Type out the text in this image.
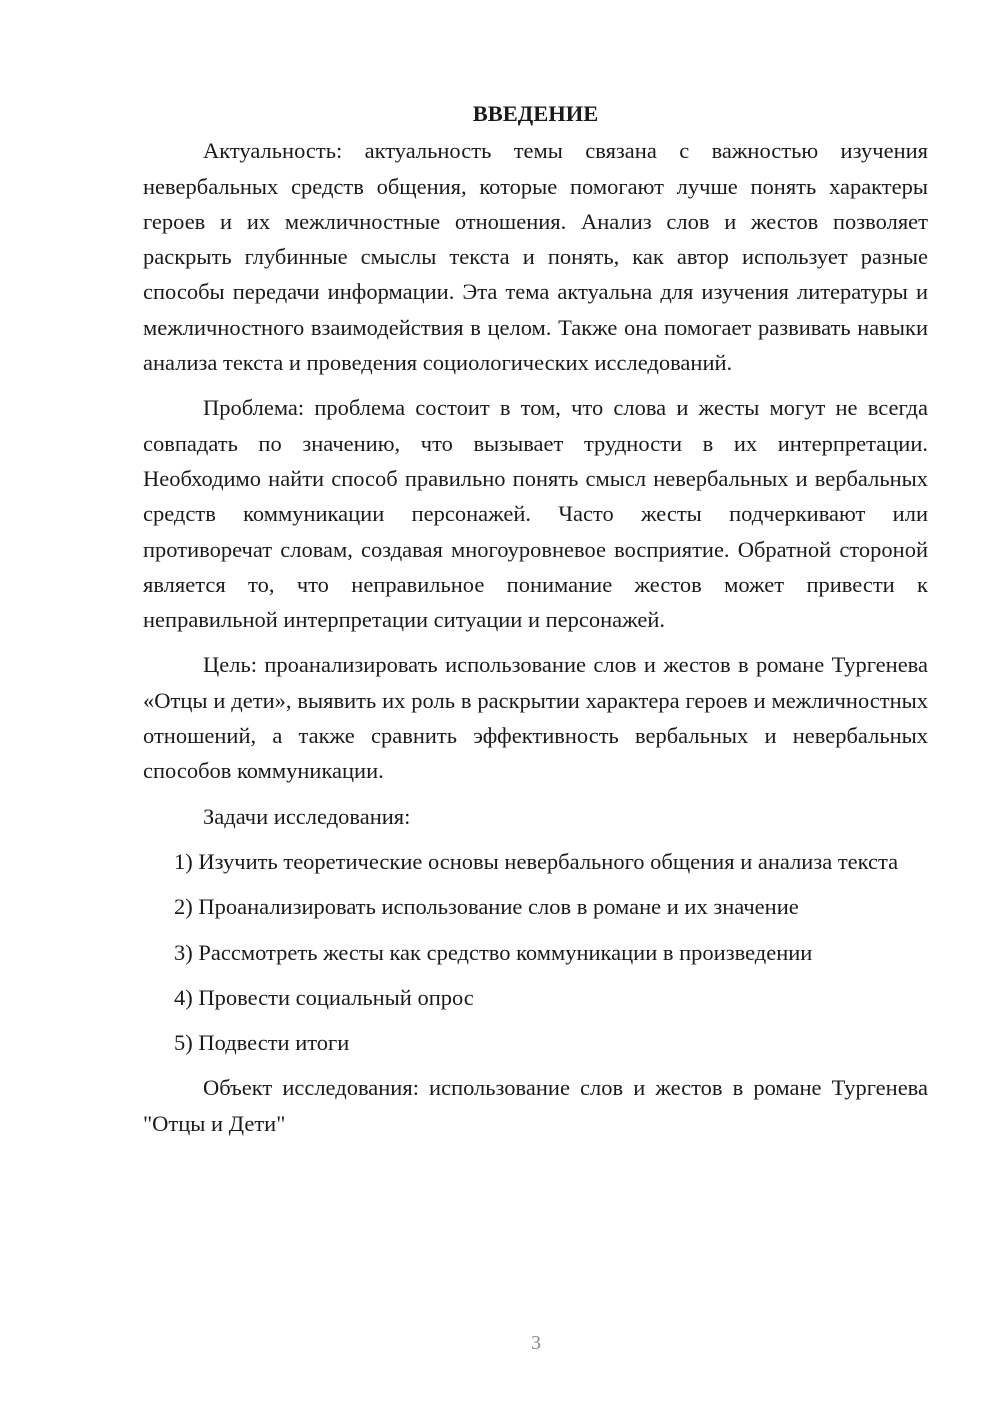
ВВЕДЕНИЕ

Актуальность: актуальность темы связана с важностью изучения невербальных средств общения, которые помогают лучше понять характеры героев и их межличностные отношения. Анализ слов и жестов позволяет раскрыть глубинные смыслы текста и понять, как автор использует разные способы передачи информации. Эта тема актуальна для изучения литературы и межличностного взаимодействия в целом. Также она помогает развивать навыки анализа текста и проведения социологических исследований.

Проблема: проблема состоит в том, что слова и жесты могут не всегда совпадать по значению, что вызывает трудности в их интерпретации. Необходимо найти способ правильно понять смысл невербальных и вербальных средств коммуникации персонажей. Часто жесты подчеркивают или противоречат словам, создавая многоуровневое восприятие. Обратной стороной является то, что неправильное понимание жестов может привести к неправильной интерпретации ситуации и персонажей.

Цель: проанализировать использование слов и жестов в романе Тургенева «Отцы и дети», выявить их роль в раскрытии характера героев и межличностных отношений, а также сравнить эффективность вербальных и невербальных способов коммуникации.

Задачи исследования:

1) Изучить теоретические основы невербального общения и анализа текста

2) Проанализировать использование слов в романе и их значение

3) Рассмотреть жесты как средство коммуникации в произведении

4) Провести социальный опрос

5) Подвести итоги

Объект исследования: использование слов и жестов в романе Тургенева "Отцы и Дети"

3
